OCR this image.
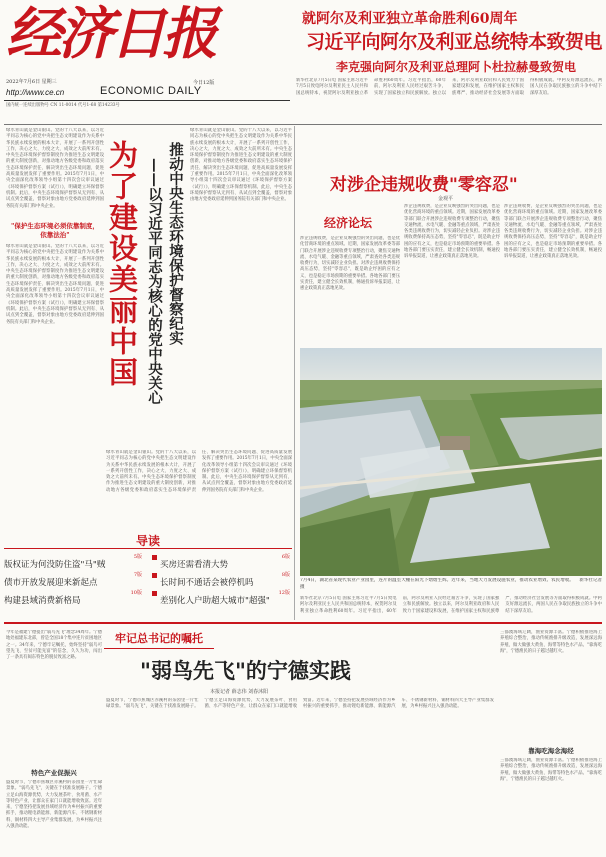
经济日报
2022年7月6日 星期三
ECONOMIC DAILY
http://www.ce.cn
今日12版
国内统一连续出版物号 CN 11-0014 代号1-68 第14233号
就阿尔及利亚独立革命胜利60周年
习近平向阿尔及利亚总统特本致贺电
李克强向阿尔及利亚总理阿卜杜拉赫曼致贺电
新华社北京7月5日电 国家主席习近平7月5日致电阿尔及利亚民主人民共和国总统特本，祝贺阿尔及利亚独立革命胜利60周年。习近平指出，60年前，阿尔及利亚人民经过艰苦斗争，实现了国家独立和民族解放。独立以来，阿尔及利亚政府和人民致力于国家建设和发展，在维护国家主权和民族尊严、推动经济社会发展等方面取得积极成就。中阿友好源远流长，两国人民在争取民族独立的斗争中结下深厚友谊。
为了建设美丽中国 推动中央生态环境保护督察纪实
——以习近平同志为核心的党中央关心
绿水青山就是金山银山。党的十八大以来，以习近平同志为核心的党中央把生态文明建设作为关系中华民族永续发展的根本大计，开展了一系列开创性工作，决心之大、力度之大、成效之大前所未有。中央生态环境保护督察制度作为推进生态文明建设的重大制度创新，对推动地方各级党委和政府落实生态环境保护责任、解决突出生态环境问题、促进高质量发展发挥了重要作用。2015年7月1日，中央全面深化改革领导小组第十四次会议审议通过《环境保护督察方案（试行）》，明确建立环保督察机制。此后，中央生态环境保护督察从无到有、从试点到全覆盖，督察对象由地方党委政府延伸到国务院有关部门和中央企业。
"保护生态环境必须依靠制度，依靠法治"
绿水青山就是金山银山。党的十八大以来，以习近平同志为核心的党中央把生态文明建设作为关系中华民族永续发展的根本大计，开展了一系列开创性工作，决心之大、力度之大、成效之大前所未有。中央生态环境保护督察制度作为推进生态文明建设的重大制度创新，对推动地方各级党委和政府落实生态环境保护责任、解决突出生态环境问题、促进高质量发展发挥了重要作用。2015年7月1日，中央全面深化改革领导小组第十四次会议审议通过《环境保护督察方案（试行）》，明确建立环保督察机制。此后，中央生态环境保护督察从无到有、从试点到全覆盖，督察对象由地方党委政府延伸到国务院有关部门和中央企业。
绿水青山就是金山银山。党的十八大以来，以习近平同志为核心的党中央把生态文明建设作为关系中华民族永续发展的根本大计，开展了一系列开创性工作，决心之大、力度之大、成效之大前所未有。中央生态环境保护督察制度作为推进生态文明建设的重大制度创新，对推动地方各级党委和政府落实生态环境保护责任、解决突出生态环境问题、促进高质量发展发挥了重要作用。2015年7月1日，中央全面深化改革领导小组第十四次会议审议通过《环境保护督察方案（试行）》，明确建立环保督察机制。此后，中央生态环境保护督察从无到有、从试点到全覆盖，督察对象由地方党委政府延伸到国务院有关部门和中央企业。
绿水青山就是金山银山。党的十八大以来，以习近平同志为核心的党中央把生态文明建设作为关系中华民族永续发展的根本大计，开展了一系列开创性工作，决心之大、力度之大、成效之大前所未有。中央生态环境保护督察制度作为推进生态文明建设的重大制度创新，对推动地方各级党委和政府落实生态环境保护责任、解决突出生态环境问题、促进高质量发展发挥了重要作用。2015年7月1日，中央全面深化改革领导小组第十四次会议审议通过《环境保护督察方案（试行）》，明确建立环保督察机制。此后，中央生态环境保护督察从无到有、从试点到全覆盖，督察对象由地方党委政府延伸到国务院有关部门和中央企业。
导读
版权证为何没防住盗"马"贼
5版
买房还需看清大势
6版
债市开放发展迎来新起点
7版
长时间不通话会被停机吗
8版
构建县域消费新格局
10版
差别化人户助超大城市"超强"
12版
对涉企违规收费"零容忍"
金观平
经济论坛
涉企违规收费，是企业反映强烈的突出问题，也是优化营商环境的重点领域。近期，国家发展改革委等部门联合开展涉企违规收费专项整治行动，聚焦交通物流、水电气暖、金融等重点领域，严肃查处各类违规收费行为，切实减轻企业负担。对涉企违规收费保持高压态势，坚持"零容忍"，既是助企纾困的应有之义，也是稳定市场预期的重要举措。各地各部门要压实责任，建立健全长效机制，畅通投诉举报渠道，让惠企政策真正落地见效。
涉企违规收费，是企业反映强烈的突出问题，也是优化营商环境的重点领域。近期，国家发展改革委等部门联合开展涉企违规收费专项整治行动，聚焦交通物流、水电气暖、金融等重点领域，严肃查处各类违规收费行为，切实减轻企业负担。对涉企违规收费保持高压态势，坚持"零容忍"，既是助企纾困的应有之义，也是稳定市场预期的重要举措。各地各部门要压实责任，建立健全长效机制，畅通投诉举报渠道，让惠企政策真正落地见效。
涉企违规收费，是企业反映强烈的突出问题，也是优化营商环境的重点领域。近期，国家发展改革委等部门联合开展涉企违规收费专项整治行动，聚焦交通物流、水电气暖、金融等重点领域，严肃查处各类违规收费行为，切实减轻企业负担。对涉企违规收费保持高压态势，坚持"零容忍"，既是助企纾困的应有之义，也是稳定市场预期的重要举措。各地各部门要压实责任，建立健全长效机制，畅通投诉举报渠道，让惠企政策真正落地见效。
7月4日，湖北省某现代农业产业园里，连片的温室大棚在阳光下熠熠生辉。近年来，当地大力发展设施农业，推动农业增效、农民增收。 新华社记者 摄
新华社北京7月5日电 国家主席习近平7月5日致电阿尔及利亚民主人民共和国总统特本，祝贺阿尔及利亚独立革命胜利60周年。习近平指出，60年前，阿尔及利亚人民经过艰苦斗争，实现了国家独立和民族解放。独立以来，阿尔及利亚政府和人民致力于国家建设和发展，在维护国家主权和民族尊严、推动经济社会发展等方面取得积极成就。中阿友好源远流长，两国人民在争取民族独立的斗争中结下深厚友谊。
牢记总书记的嘱托
"弱鸟先飞"的宁德实践
本报记者 薛志伟 刘春沐阳
今年是福建宁德提出"弱鸟先飞"理念34周年。宁德地处福建东北部，曾是全国18个集中连片贫困地区之一。34年来，宁德牢记嘱托，始终坚持"弱鸟可望先飞、至贫可能先富"的信念，久久为功，闯出了一条具有闽东特色的脱贫致富之路。
特色产业促振兴
盛夏时节，宁德市蕉城区赤溪村的茶园里一片忙碌景象。"弱鸟先飞"，关键在于找准发展路子。宁德立足山海资源优势，大力发展茶叶、食用菌、水产等特色产业，让群众在家门口就能增收致富。近年来，宁德坚持把发展县域经济作为乡村振兴的重要抓手，推动锂电新能源、新能源汽车、不锈钢新材料、铜材料四大主导产业集群发展，为乡村振兴注入强劲动能。
盛夏时节，宁德市蕉城区赤溪村的茶园里一片忙碌景象。"弱鸟先飞"，关键在于找准发展路子。宁德立足山海资源优势，大力发展茶叶、食用菌、水产等特色产业，让群众在家门口就能增收致富。近年来，宁德坚持把发展县域经济作为乡村振兴的重要抓手，推动锂电新能源、新能源汽车、不锈钢新材料、铜材料四大主导产业集群发展，为乡村振兴注入强劲动能。
三都澳海域辽阔，渔业资源丰富。宁德积极推进海上养殖综合整治，推动传统渔排升级改造，发展深远海养殖，做大做强大黄鱼、海带等特色水产品。"靠海吃海"，宁德渔民的日子越过越红火。
靠海吃海念海经
三都澳海域辽阔，渔业资源丰富。宁德积极推进海上养殖综合整治，推动传统渔排升级改造，发展深远海养殖，做大做强大黄鱼、海带等特色水产品。"靠海吃海"，宁德渔民的日子越过越红火。
